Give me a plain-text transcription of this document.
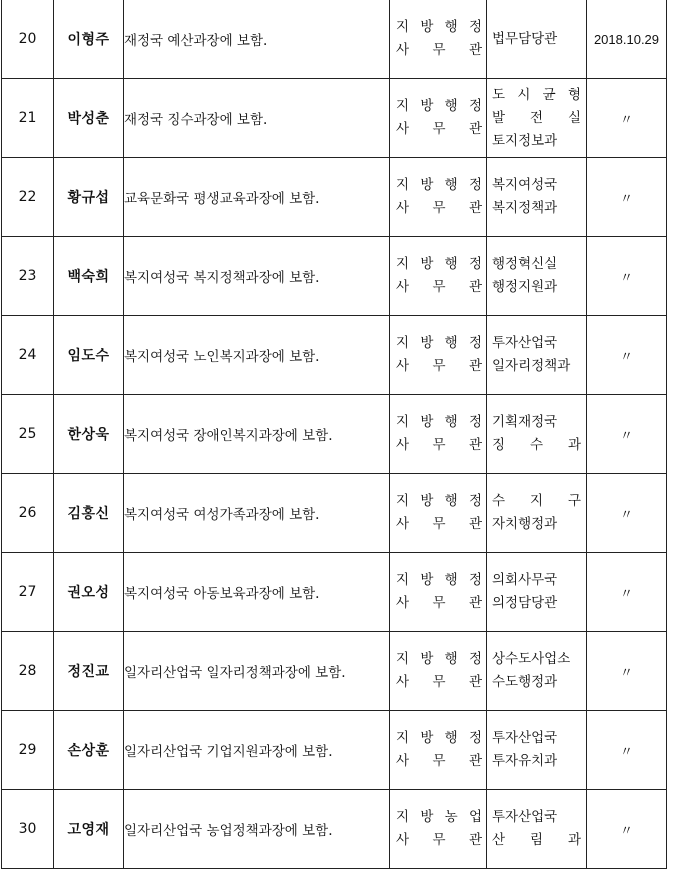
20	이형주	재정국 예산과장에 보함.	지 방 행 정
사 무 관	법무담당관	2018.10.29
21	박성춘	재정국 징수과장에 보함.	지 방 행 정
사 무 관	도 시 균 형
발 전 실
토지정보과	〃
22	황규섭	교육문화국 평생교육과장에 보함.	지 방 행 정
사 무 관	복지여성국
복지정책과	〃
23	백숙희	복지여성국 복지정책과장에 보함.	지 방 행 정
사 무 관	행정혁신실
행정지원과	〃
24	임도수	복지여성국 노인복지과장에 보함.	지 방 행 정
사 무 관	투자산업국
일자리정책과	〃
25	한상욱	복지여성국 장애인복지과장에 보함.	지 방 행 정
사 무 관	기획재정국
징 수 과	〃
26	김홍신	복지여성국 여성가족과장에 보함.	지 방 행 정
사 무 관	수 지 구
자치행정과	〃
27	권오성	복지여성국 아동보육과장에 보함.	지 방 행 정
사 무 관	의회사무국
의정담당관	〃
28	정진교	일자리산업국 일자리정책과장에 보함.	지 방 행 정
사 무 관	상수도사업소
수도행정과	〃
29	손상훈	일자리산업국 기업지원과장에 보함.	지 방 행 정
사 무 관	투자산업국
투자유치과	〃
30	고영재	일자리산업국 농업정책과장에 보함.	지 방 농 업
사 무 관	투자산업국
산 림 과	〃
